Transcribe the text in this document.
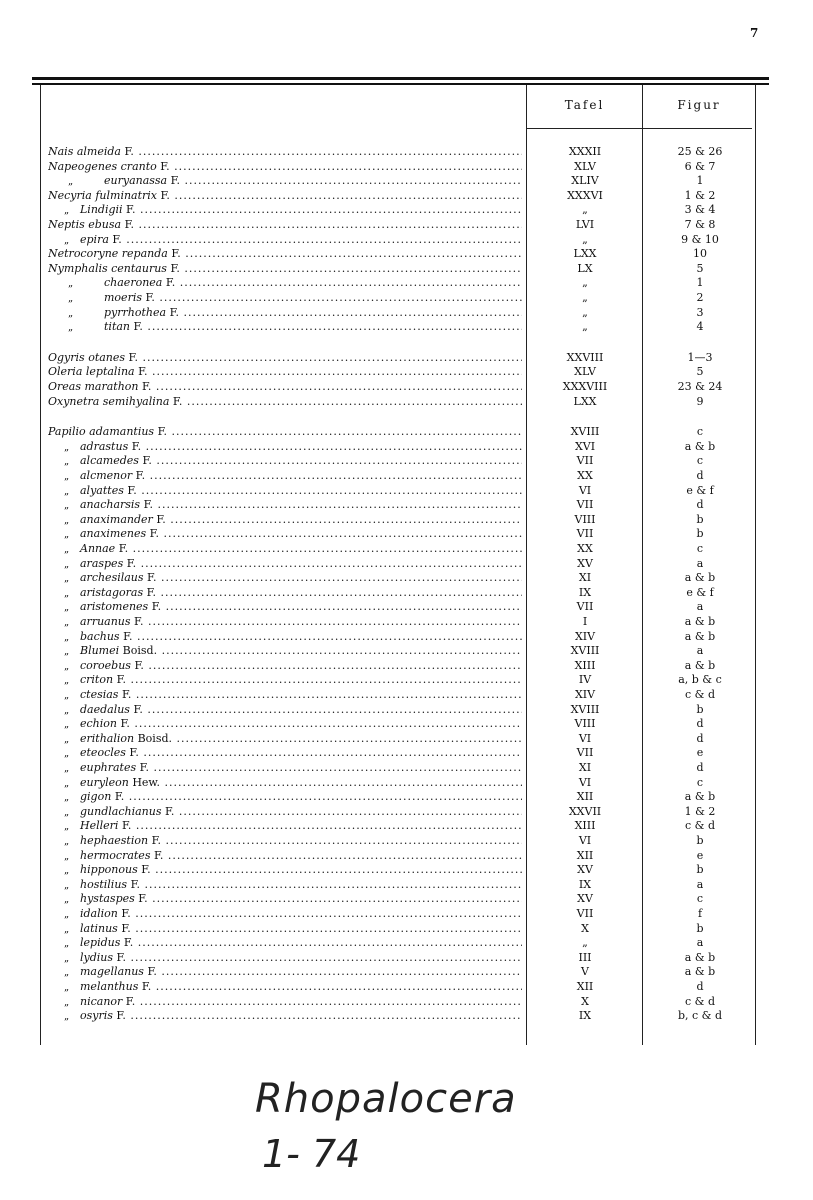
7
Tafel	Figur
Nais almeida F. .....	XXXII	25 & 26
Napeogenes cranto F. .....	XLV	6 & 7
„	euryanassa F. .....	XLIV	1
Necyria fulminatrix F. .....	XXXVI	1 & 2
„ Lindigii F. .....	„	3 & 4
Neptis ebusa F. .....	LVI	7 & 8
„ epira F. .....	„	9 & 10
Netrocoryne repanda F. .....	LXX	10
Nymphalis centaurus F. .....	LX	5
„	chaeronea F. .....	„	1
„	moeris F. .....	„	2
„	pyrrhothea F. .....	„	3
„	titan F. .....	„	4
Ogyris otanes F. .....	XXVIII	1—3
Oleria leptalina F. .....	XLV	5
Oreas marathon F. .....	XXXVIII	23 & 24
Oxynetra semihyalina F. .....	LXX	9
Papilio adamantius F. .....	XVIII	c
„ adrastus F. .....	XVI	a & b
„ alcamedes F. .....	VII	c
„ alcmenor F. .....	XX	d
„ alyattes F. .....	VI	e & f
„ anacharsis F. .....	VII	d
„ anaximander F. .....	VIII	b
„ anaximenes F. .....	VII	b
„ Annae F. .....	XX	c
„ araspes F. .....	XV	a
„ archesilaus F. .....	XI	a & b
„ aristagoras F. .....	IX	e & f
„ aristomenes F. .....	VII	a
„ arruanus F. .....	I	a & b
„ bachus F. .....	XIV	a & b
„ Blumei Boisd. .....	XVIII	a
„ coroebus F. .....	XIII	a & b
„ criton F. .....	IV	a, b & c
„ ctesias F. .....	XIV	c & d
„ daedalus F. .....	XVIII	b
„ echion F. .....	VIII	d
„ erithalion Boisd. .....	VI	d
„ eteocles F. .....	VII	e
„ euphrates F. .....	XI	d
„ euryleon Hew. .....	VI	c
„ gigon F. .....	XII	a & b
„ gundlachianus F. .....	XXVII	1 & 2
„ Helleri F. .....	XIII	c & d
„ hephaestion F. .....	VI	b
„ hermocrates F. .....	XII	e
„ hipponous F. .....	XV	b
„ hostilius F. .....	IX	a
„ hystaspes F. .....	XV	c
„ idalion F. .....	VII	f
„ latinus F. .....	X	b
„ lepidus F. .....	„	a
„ lydius F. .....	III	a & b
„ magellanus F. .....	V	a & b
„ melanthus F. .....	XII	d
„ nicanor F. .....	X	c & d
„ osyris F. .....	IX	b, c & d
Rhopalocera
1- 74
